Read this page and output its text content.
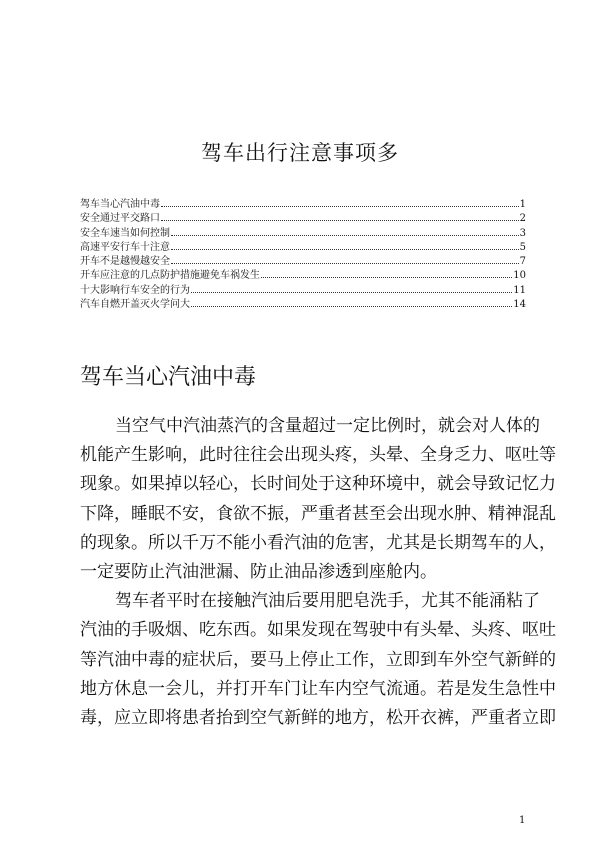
驾车出行注意事项多
驾车当心汽油中毒	1
安全通过平交路口	2
安全车速当如何控制	3
高速平安行车十注意	5
开车不是越慢越安全	7
开车应注意的几点防护措施避免车祸发生	10
十大影响行车安全的行为	11
汽车自燃开盖灭火学问大	14
驾车当心汽油中毒
当空气中汽油蒸汽的含量超过一定比例时，就会对人体的
机能产生影响，此时往往会出现头疼，头晕、全身乏力、呕吐等
现象。如果掉以轻心，长时间处于这种环境中，就会导致记忆力
下降，睡眠不安，食欲不振，严重者甚至会出现水肿、精神混乱
的现象。所以千万不能小看汽油的危害，尤其是长期驾车的人，
一定要防止汽油泄漏、防止油品渗透到座舱内。
驾车者平时在接触汽油后要用肥皂洗手，尤其不能涌粘了
汽油的手吸烟、吃东西。如果发现在驾驶中有头晕、头疼、呕吐
等汽油中毒的症状后，要马上停止工作，立即到车外空气新鲜的
地方休息一会儿，并打开车门让车内空气流通。若是发生急性中
毒，应立即将患者抬到空气新鲜的地方，松开衣裤，严重者立即
1
